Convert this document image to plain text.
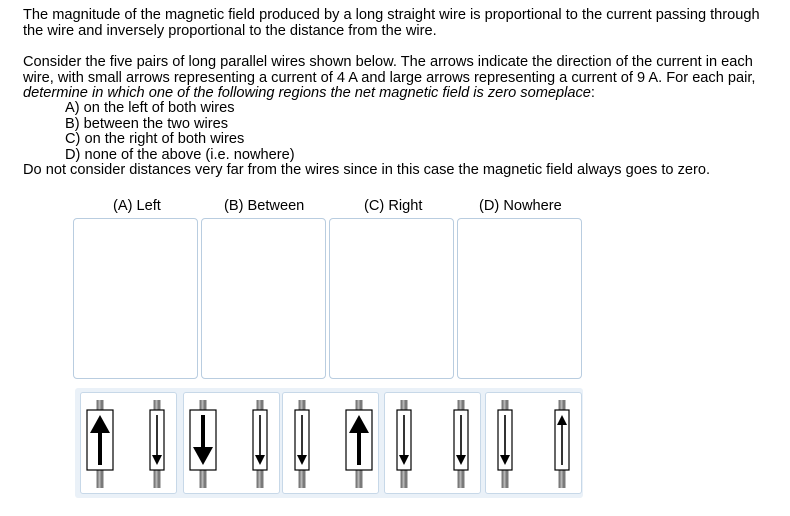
The magnitude of the magnetic field produced by a long straight wire is proportional to the current passing through the wire and inversely proportional to the distance from the wire.
Consider the five pairs of long parallel wires shown below. The arrows indicate the direction of the current in each wire, with small arrows representing a current of 4 A and large arrows representing a current of 9 A. For each pair, determine in which one of the following regions the net magnetic field is zero someplace:
A) on the left of both wires
B) between the two wires
C) on the right of both wires
D) none of the above (i.e. nowhere)
Do not consider distances very far from the wires since in this case the magnetic field always goes to zero.
(A) Left	(B) Between	(C) Right	(D) Nowhere
